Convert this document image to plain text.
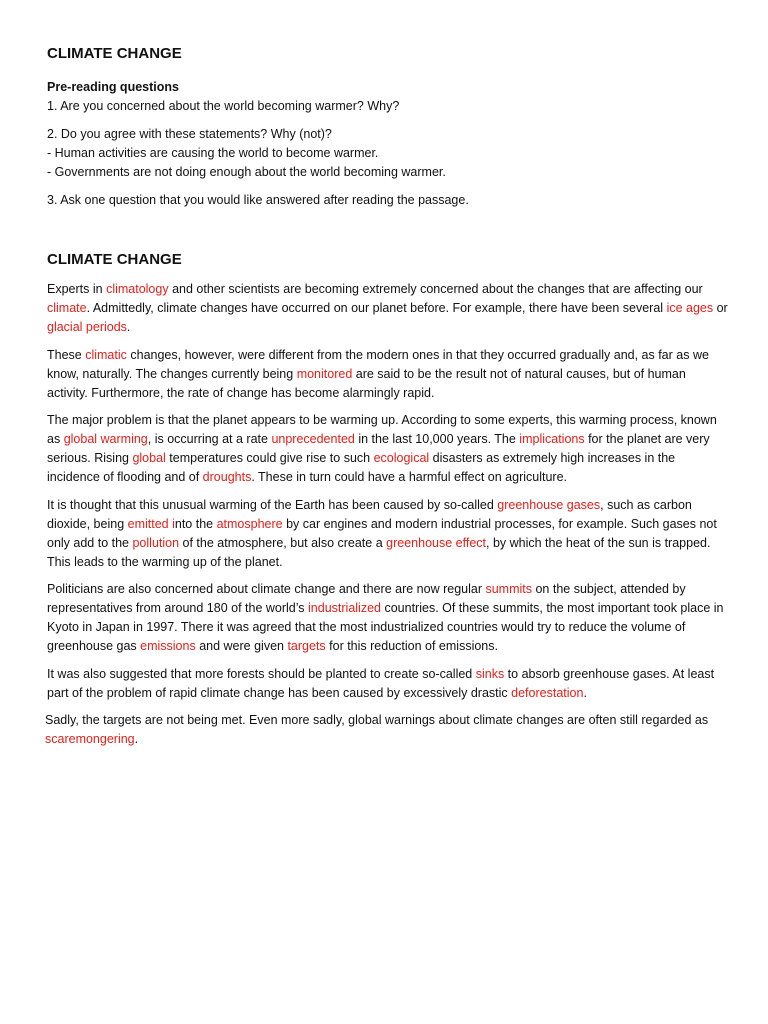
CLIMATE CHANGE

Pre-reading questions

1. Are you concerned about the world becoming warmer? Why?

2. Do you agree with these statements? Why (not)?

- Human activities are causing the world to become warmer.

- Governments are not doing enough about the world becoming warmer.

3. Ask one question that you would like answered after reading the passage.

CLIMATE CHANGE

Experts in climatology and other scientists are becoming extremely concerned about the changes that are affecting our climate. Admittedly, climate changes have occurred on our planet before. For example, there have been several ice ages or glacial periods.

These climatic changes, however, were different from the modern ones in that they occurred gradually and, as far as we know, naturally. The changes currently being monitored are said to be the result not of natural causes, but of human activity. Furthermore, the rate of change has become alarmingly rapid.

The major problem is that the planet appears to be warming up. According to some experts, this warming process, known as global warming, is occurring at a rate unprecedented in the last 10,000 years. The implications for the planet are very serious. Rising global temperatures could give rise to such ecological disasters as extremely high increases in the incidence of flooding and of droughts. These in turn could have a harmful effect on agriculture.

It is thought that this unusual warming of the Earth has been caused by so-called greenhouse gases, such as carbon dioxide, being emitted into the atmosphere by car engines and modern industrial processes, for example. Such gases not only add to the pollution of the atmosphere, but also create a greenhouse effect, by which the heat of the sun is trapped. This leads to the warming up of the planet.

Politicians are also concerned about climate change and there are now regular summits on the subject, attended by representatives from around 180 of the world’s industrialized countries. Of these summits, the most important took place in Kyoto in Japan in 1997. There it was agreed that the most industrialized countries would try to reduce the volume of greenhouse gas emissions and were given targets for this reduction of emissions.

It was also suggested that more forests should be planted to create so-called sinks to absorb greenhouse gases. At least part of the problem of rapid climate change has been caused by excessively drastic deforestation.

Sadly, the targets are not being met. Even more sadly, global warnings about climate changes are often still regarded as scaremongering.
